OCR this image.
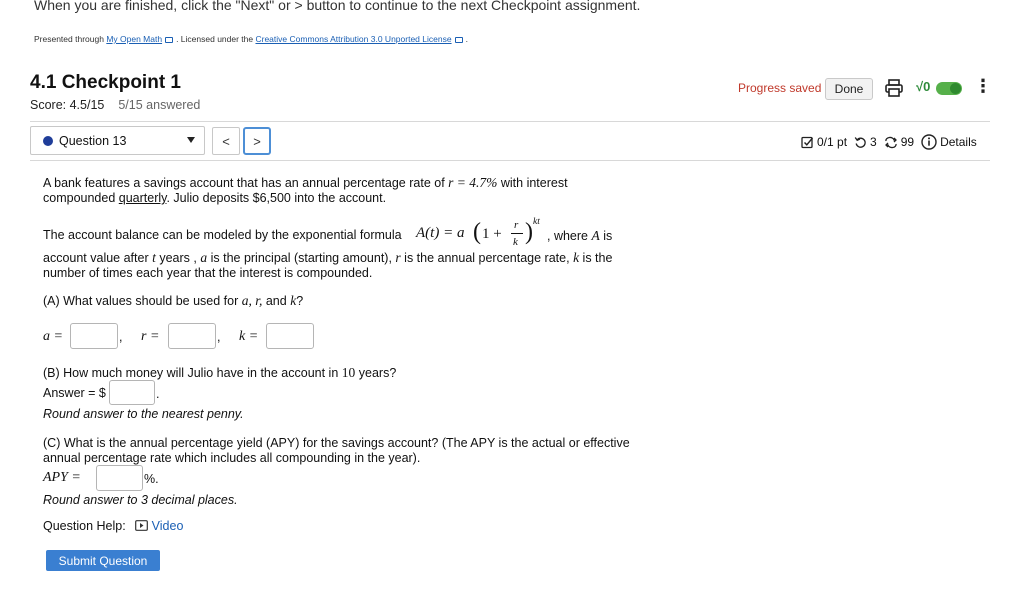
When you are finished, click the "Next" or > button to continue to the next Checkpoint assignment.
Presented through My Open Math . Licensed under the Creative Commons Attribution 3.0 Unported License .
4.1 Checkpoint 1
Score: 4.5/15 5/15 answered
Progress saved	Done	√0 ⋮
Question 13	<	>	0/1 pt 3 99 Details
A bank features a savings account that has an annual percentage rate of r = 4.7% with interest
compounded quarterly. Julio deposits $6,500 into the account.
The account balance can be modeled by the exponential formula A(t) = a ( 1 +
r
k ) kt
, where A is
account value after t years , a is the principal (starting amount), r is the annual percentage rate, k is the
number of times each year that the interest is compounded.
(A) What values should be used for a, r, and k?
a =	, r =	, k =
(B) How much money will Julio have in the account in 10 years?
Answer = $	.
Round answer to the nearest penny.
(C) What is the annual percentage yield (APY) for the savings account? (The APY is the actual or effective
annual percentage rate which includes all compounding in the year).
APY =	%.
Round answer to 3 decimal places.
Question Help: Video
Submit Question
